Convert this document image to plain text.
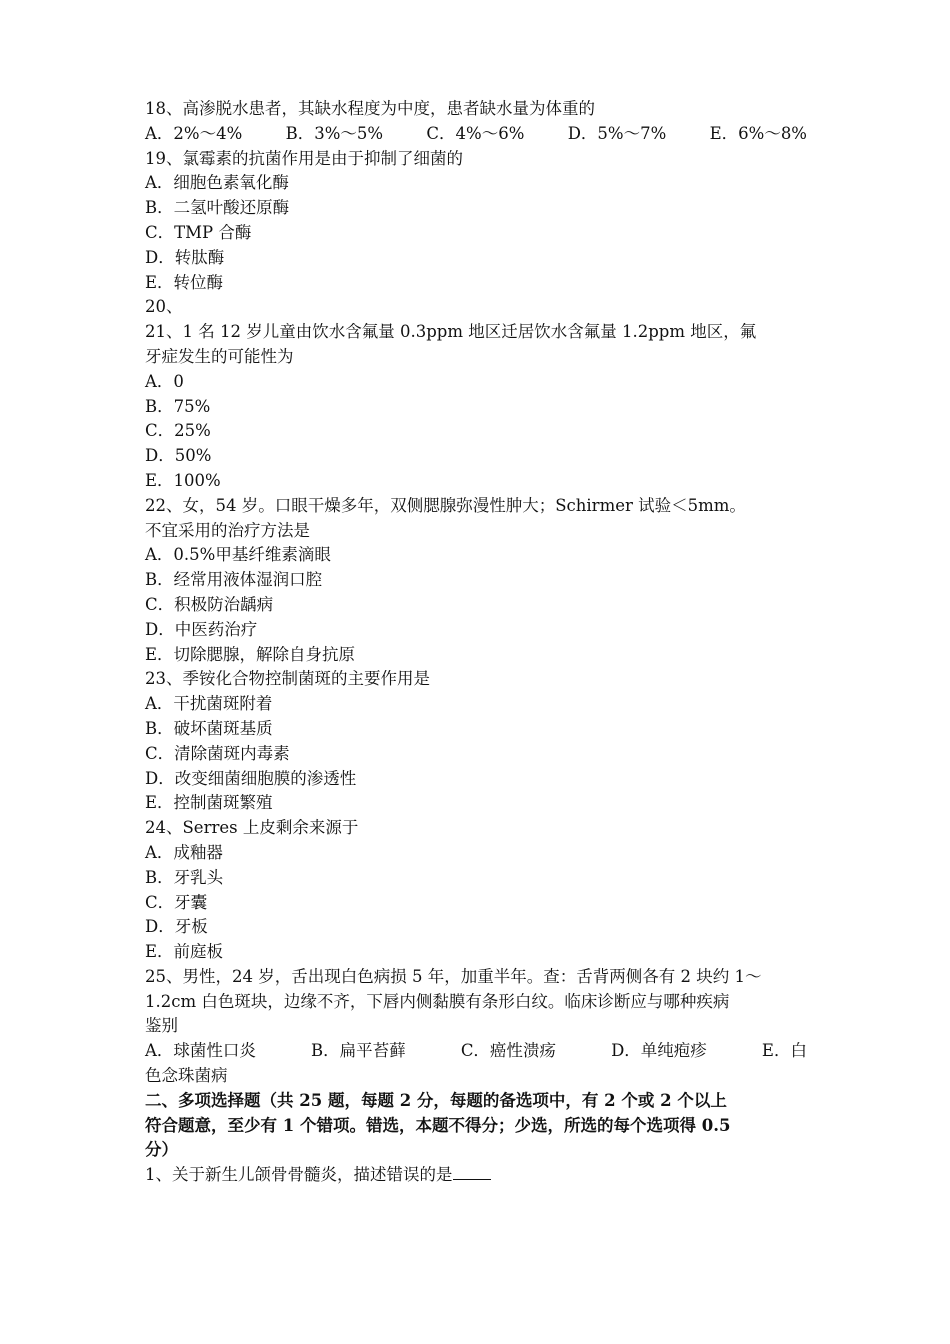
18、高渗脱水患者，其缺水程度为中度，患者缺水量为体重的
A．2%～4%	B．3%～5%	C．4%～6%	D．5%～7%	E．6%～8%
19、氯霉素的抗菌作用是由于抑制了细菌的
A．细胞色素氧化酶
B．二氢叶酸还原酶
C．TMP 合酶
D．转肽酶
E．转位酶
20、
21、1 名 12 岁儿童由饮水含氟量 0.3ppm 地区迁居饮水含氟量 1.2ppm 地区，氟
牙症发生的可能性为
A．0
B．75%
C．25%
D．50%
E．100%
22、女，54 岁。口眼干燥多年，双侧腮腺弥漫性肿大；Schirmer 试验＜5mm。
不宜采用的治疗方法是
A．0.5%甲基纤维素滴眼
B．经常用液体湿润口腔
C．积极防治龋病
D．中医药治疗
E．切除腮腺，解除自身抗原
23、季铵化合物控制菌斑的主要作用是
A．干扰菌斑附着
B．破坏菌斑基质
C．清除菌斑内毒素
D．改变细菌细胞膜的渗透性
E．控制菌斑繁殖
24、Serres 上皮剩余来源于
A．成釉器
B．牙乳头
C．牙囊
D．牙板
E．前庭板
25、男性，24 岁，舌出现白色病损 5 年，加重半年。查：舌背两侧各有 2 块约 1～
1.2cm 白色斑块，边缘不齐，下唇内侧黏膜有条形白纹。临床诊断应与哪种疾病
鉴别
A．球菌性口炎	B．扁平苔藓	C．癌性溃疡	D．单纯疱疹	E．白
色念珠菌病
二、多项选择题（共 25 题，每题 2 分，每题的备选项中，有 2 个或 2 个以上
符合题意，至少有 1 个错项。错选，本题不得分；少选，所选的每个选项得 0.5
分）
1、关于新生儿颌骨骨髓炎，描述错误的是
